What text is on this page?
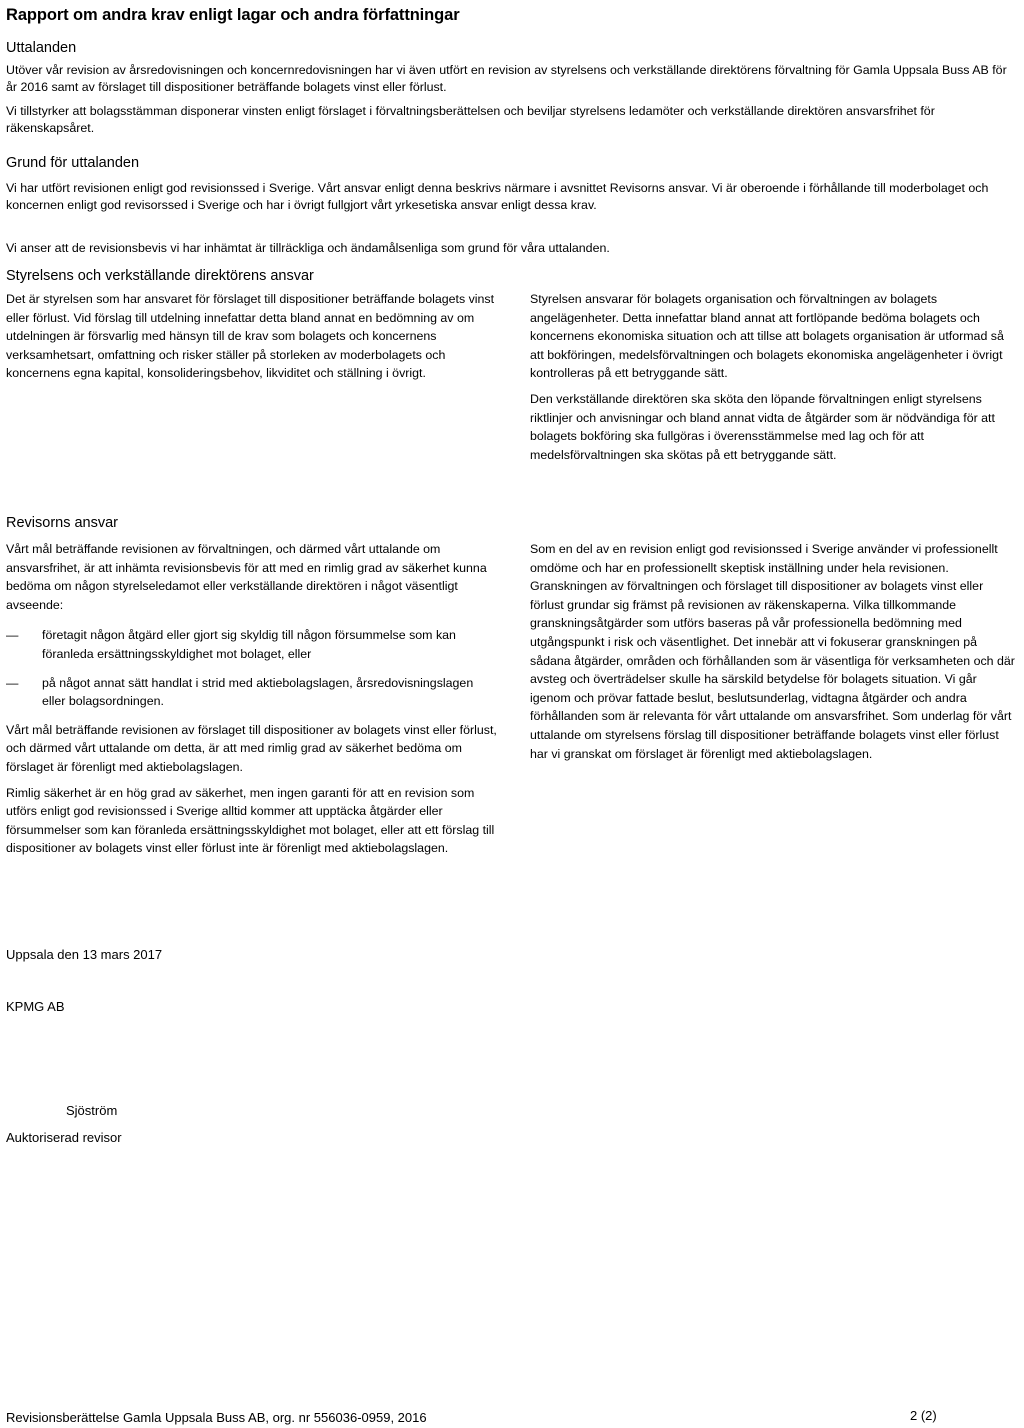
Rapport om andra krav enligt lagar och andra författningar
Uttalanden
Utöver vår revision av årsredovisningen och koncernredovisningen har vi även utfört en revision av styrelsens och verkställande direktörens förvaltning för Gamla Uppsala Buss AB för år 2016 samt av förslaget till dispositioner beträffande bolagets vinst eller förlust.
Vi tillstyrker att bolagsstämman disponerar vinsten enligt förslaget i förvaltningsberättelsen och beviljar styrelsens ledamöter och verkställande direktören ansvarsfrihet för räkenskapsåret.
Grund för uttalanden
Vi har utfört revisionen enligt god revisionssed i Sverige. Vårt ansvar enligt denna beskrivs närmare i avsnittet Revisorns ansvar. Vi är oberoende i förhållande till moderbolaget och koncernen enligt god revisorssed i Sverige och har i övrigt fullgjort vårt yrkesetiska ansvar enligt dessa krav.
Vi anser att de revisionsbevis vi har inhämtat är tillräckliga och ändamålsenliga som grund för våra uttalanden.
Styrelsens och verkställande direktörens ansvar

Det är styrelsen som har ansvaret för förslaget till dispositioner beträffande bolagets vinst eller förlust. Vid förslag till utdelning innefattar detta bland annat en bedömning av om utdelningen är försvarlig med hänsyn till de krav som bolagets och koncernens verksamhetsart, omfattning och risker ställer på storleken av moderbolagets och koncernens egna kapital, konsolideringsbehov, likviditet och ställning i övrigt.

Styrelsen ansvarar för bolagets organisation och förvaltningen av bolagets angelägenheter. Detta innefattar bland annat att fortlöpande bedöma bolagets och koncernens ekonomiska situation och att tillse att bolagets organisation är utformad så att bokföringen, medelsförvaltningen och bolagets ekonomiska angelägenheter i övrigt kontrolleras på ett betryggande sätt.

Den verkställande direktören ska sköta den löpande förvaltningen enligt styrelsens riktlinjer och anvisningar och bland annat vidta de åtgärder som är nödvändiga för att bolagets bokföring ska fullgöras i överensstämmelse med lag och för att medelsförvaltningen ska skötas på ett betryggande sätt.

Revisorns ansvar

Vårt mål beträffande revisionen av förvaltningen, och därmed vårt uttalande om ansvarsfrihet, är att inhämta revisionsbevis för att med en rimlig grad av säkerhet kunna bedöma om någon styrelseledamot eller verkställande direktören i något väsentligt avseende:

—	företagit någon åtgärd eller gjort sig skyldig till någon försummelse som kan föranleda ersättningsskyldighet mot bolaget, eller
—	på något annat sätt handlat i strid med aktiebolagslagen, årsredovisningslagen eller bolagsordningen.

Vårt mål beträffande revisionen av förslaget till dispositioner av bolagets vinst eller förlust, och därmed vårt uttalande om detta, är att med rimlig grad av säkerhet bedöma om förslaget är förenligt med aktiebolagslagen.

Rimlig säkerhet är en hög grad av säkerhet, men ingen garanti för att en revision som utförs enligt god revisionssed i Sverige alltid kommer att upptäcka åtgärder eller försummelser som kan föranleda ersättningsskyldighet mot bolaget, eller att ett förslag till dispositioner av bolagets vinst eller förlust inte är förenligt med aktiebolagslagen.

Som en del av en revision enligt god revisionssed i Sverige använder vi professionellt omdöme och har en professionellt skeptisk inställning under hela revisionen. Granskningen av förvaltningen och förslaget till dispositioner av bolagets vinst eller förlust grundar sig främst på revisionen av räkenskaperna. Vilka tillkommande granskningsåtgärder som utförs baseras på vår professionella bedömning med utgångspunkt i risk och väsentlighet. Det innebär att vi fokuserar granskningen på sådana åtgärder, områden och förhållanden som är väsentliga för verksamheten och där avsteg och överträdelser skulle ha särskild betydelse för bolagets situation. Vi går igenom och prövar fattade beslut, beslutsunderlag, vidtagna åtgärder och andra förhållanden som är relevanta för vårt uttalande om ansvarsfrihet. Som underlag för vårt uttalande om styrelsens förslag till dispositioner beträffande bolagets vinst eller förlust har vi granskat om förslaget är förenligt med aktiebolagslagen.

Uppsala den 13 mars 2017
KPMG AB
Sjöström
Auktoriserad revisor
Revisionsberättelse Gamla Uppsala Buss AB, org. nr 556036-0959, 2016	2 (2)
